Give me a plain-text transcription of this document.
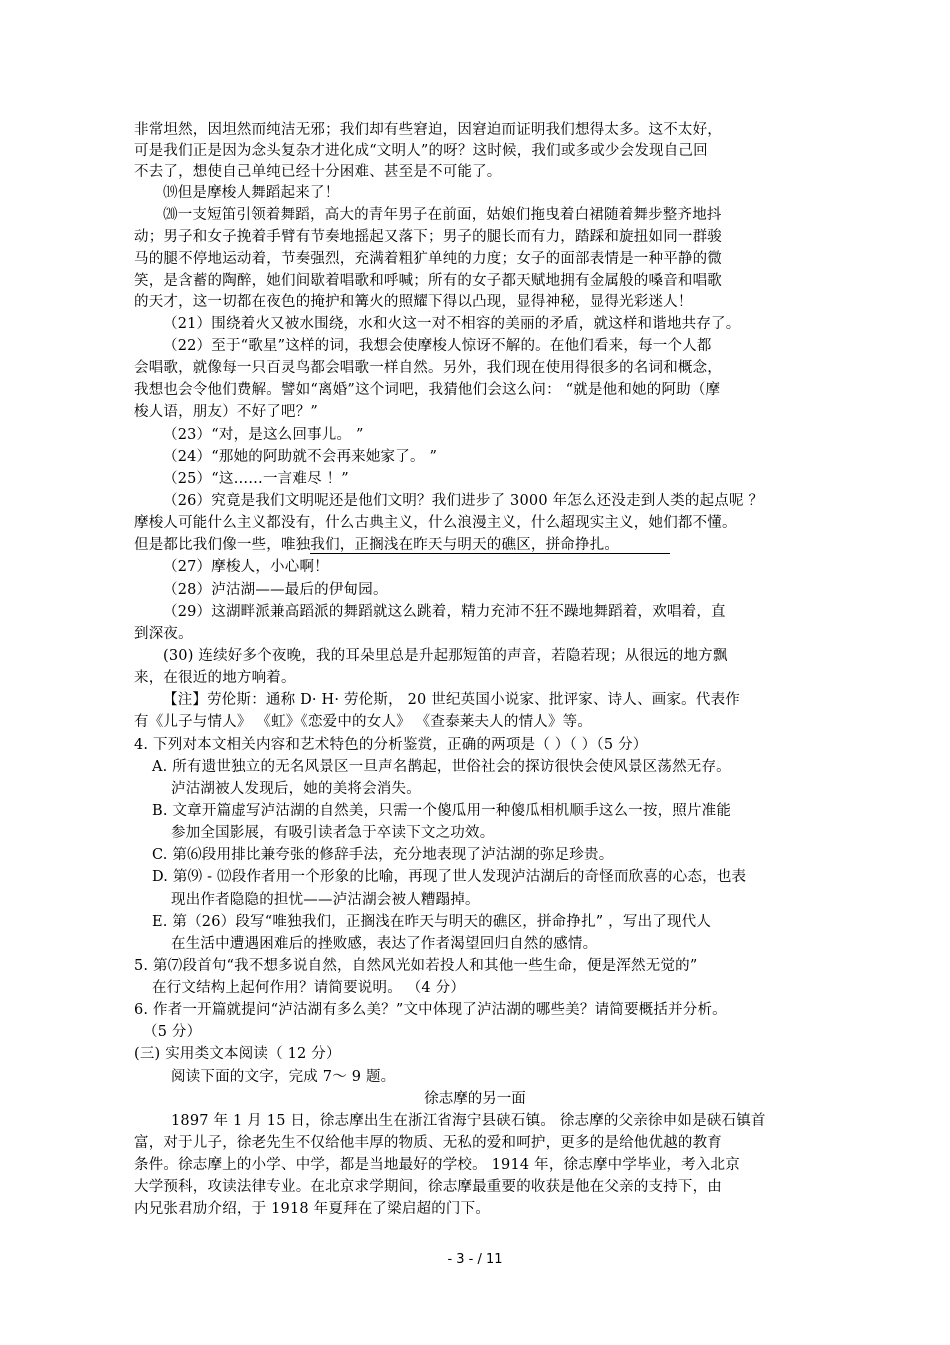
非常坦然，因坦然而纯洁无邪；我们却有些窘迫，因窘迫而证明我们想得太多。这不太好，
可是我们正是因为念头复杂才进化成“文明人”的呀？这时候，我们或多或少会发现自己回
不去了，想使自己单纯已经十分困难、甚至是不可能了。
⒆但是摩梭人舞蹈起来了！
⒇一支短笛引领着舞蹈，高大的青年男子在前面，姑娘们拖曳着白裙随着舞步整齐地抖
动；男子和女子挽着手臂有节奏地摇起又落下；男子的腿长而有力，踏踩和旋扭如同一群骏
马的腿不停地运动着，节奏强烈，充满着粗犷单纯的力度；女子的面部表情是一种平静的微
笑，是含蓄的陶醉，她们间歇着唱歌和呼喊；所有的女子都天赋地拥有金属般的嗓音和唱歌
的天才，这一切都在夜色的掩护和篝火的照耀下得以凸现，显得神秘，显得光彩迷人！
（21）围绕着火又被水围绕，水和火这一对不相容的美丽的矛盾，就这样和谐地共存了。
（22）至于“歌星”这样的词，我想会使摩梭人惊讶不解的。在他们看来，每一个人都
会唱歌，就像每一只百灵鸟都会唱歌一样自然。另外，我们现在使用得很多的名词和概念，
我想也会令他们费解。譬如“离婚”这个词吧，我猜他们会这么问： “就是他和她的阿助（摩
梭人语，朋友）不好了吧？”
（23）“对，是这么回事儿。 ”
（24）“那她的阿助就不会再来她家了。 ”
（25）“这……一言难尽 ！”
（26）究竟是我们文明呢还是他们文明？我们进步了 3000 年怎么还没走到人类的起点呢 ？
摩梭人可能什么主义都没有，什么古典主义，什么浪漫主义，什么超现实主义，她们都不懂。
但是都比我们像一些，唯独我们，正搁浅在昨天与明天的礁区，拼命挣扎。
（27）摩梭人，小心啊！
（28）泸沽湖——最后的伊甸园。
（29）这湖畔派兼高蹈派的舞蹈就这么跳着，精力充沛不狂不躁地舞蹈着，欢唱着，直
到深夜。
(30) 连续好多个夜晚，我的耳朵里总是升起那短笛的声音，若隐若现；从很远的地方飘
来，在很近的地方响着。
【注】劳伦斯：通称 D· H· 劳伦斯， 20 世纪英国小说家、批评家、诗人、画家。代表作
有《儿子与情人》 《虹》《恋爱中的女人》 《查泰莱夫人的情人》等。
4. 下列对本文相关内容和艺术特色的分析鉴赏，正确的两项是（ ）（ ）（5 分）
A. 所有遗世独立的无名风景区一旦声名鹊起，世俗社会的探访很快会使风景区荡然无存。
泸沽湖被人发现后，她的美将会消失。
B. 文章开篇虚写泸沽湖的自然美，只需一个傻瓜用一种傻瓜相机顺手这么一按，照片准能
参加全国影展，有吸引读者急于卒读下文之功效。
C. 第⑹段用排比兼夸张的修辞手法，充分地表现了泸沽湖的弥足珍贵。
D. 第⑼ - ⑿段作者用一个形象的比喻，再现了世人发现泸沽湖后的奇怪而欣喜的心态，也表
现出作者隐隐的担忧——泸沽湖会被人糟蹋掉。
E. 第（26）段写“唯独我们，正搁浅在昨天与明天的礁区，拼命挣扎” ，写出了现代人
在生活中遭遇困难后的挫败感，表达了作者渴望回归自然的感情。
5. 第⑺段首句“我不想多说自然，自然风光如若投人和其他一些生命，便是浑然无觉的”
在行文结构上起何作用？请简要说明。 （4 分）
6. 作者一开篇就提问“泸沽湖有多么美？”文中体现了泸沽湖的哪些美？请简要概括并分析。
（5 分）
(三) 实用类文本阅读（ 12 分）
阅读下面的文字，完成 7～ 9 题。
徐志摩的另一面
1897 年 1 月 15 日，徐志摩出生在浙江省海宁县硖石镇。 徐志摩的父亲徐申如是硖石镇首
富，对于儿子，徐老先生不仅给他丰厚的物质、无私的爱和呵护，更多的是给他优越的教育
条件。徐志摩上的小学、中学，都是当地最好的学校。 1914 年，徐志摩中学毕业，考入北京
大学预科，攻读法律专业。在北京求学期间，徐志摩最重要的收获是他在父亲的支持下，由
内兄张君劢介绍，于 1918 年夏拜在了梁启超的门下。
- 3 - / 11
